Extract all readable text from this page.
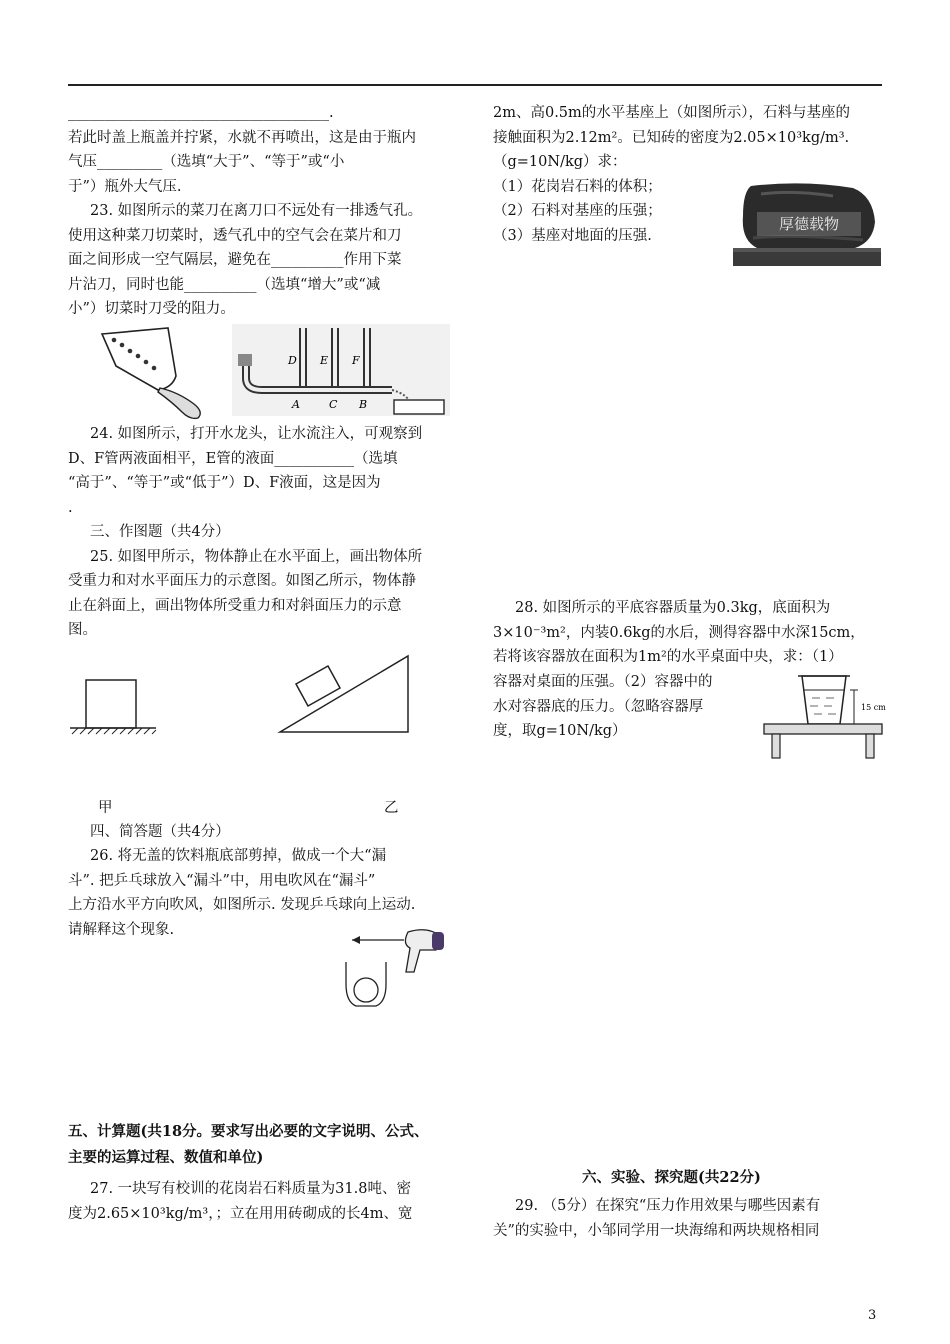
____________________________________.
若此时盖上瓶盖并拧紧，水就不再喷出，这是由于瓶内
气压_________（选填“大于”、“等于”或“小
于”）瓶外大气压.
23. 如图所示的菜刀在离刀口不远处有一排透气孔。
使用这种菜刀切菜时，透气孔中的空气会在菜片和刀
面之间形成一空气隔层，避免在__________作用下菜
片沾刀，同时也能__________（选填“增大”或“减
小”）切菜时刀受的阻力。
D E F
A	C B
24. 如图所示，打开水龙头，让水流注入，可观察到
D、F管两液面相平，E管的液面___________（选填
“高于”、“等于”或“低于”）D、F液面，这是因为
.
三、作图题（共4分）
25. 如图甲所示，物体静止在水平面上，画出物体所
受重力和对水平面压力的示意图。如图乙所示，物体静
止在斜面上，画出物体所受重力和对斜面压力的示意
图。
甲	乙
四、简答题（共4分）
26. 将无盖的饮料瓶底部剪掉，做成一个大“漏
斗”. 把乒乓球放入“漏斗”中，用电吹风在“漏斗”
上方沿水平方向吹风，如图所示. 发现乒乓球向上运动.
请解释这个现象.
五、计算题(共18分。要求写出必要的文字说明、公式、
主要的运算过程、数值和单位)
27. 一块写有校训的花岗岩石料质量为31.8吨、密
度为2.65×10³kg/m³，；立在用用砖砌成的长4m、宽
2m、高0.5m的水平基座上（如图所示），石料与基座的
接触面积为2.12m²。已知砖的密度为2.05×10³kg/m³.
（g=10N/kg）求：
（1）花岗岩石料的体积；
（2）石料对基座的压强；
（3）基座对地面的压强.
厚德载物
28. 如图所示的平底容器质量为0.3kg，底面积为
3×10⁻³m²，内装0.6kg的水后，测得容器中水深15cm，
若将该容器放在面积为1m²的水平桌面中央，求：（1）
容器对桌面的压强。（2）容器中的
水对容器底的压力。（忽略容器厚
度，取g=10N/kg）
15 cm
六、实验、探究题(共22分)
29. （5分）在探究“压力作用效果与哪些因素有
关”的实验中，小邹同学用一块海绵和两块规格相同
3
